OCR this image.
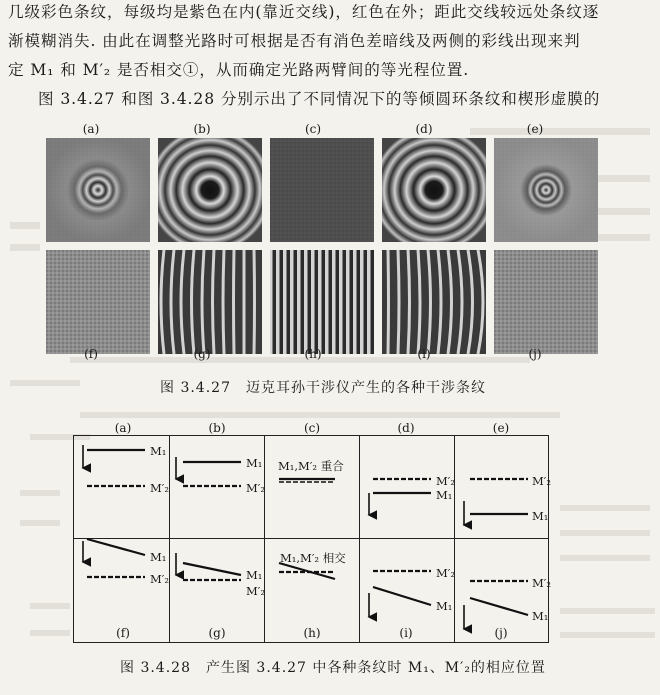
几级彩色条纹，每级均是紫色在内(靠近交线)，红色在外；距此交线较远处条纹逐
渐模糊消失. 由此在调整光路时可根据是否有消色差暗线及两侧的彩线出现来判
定 M₁ 和 M′₂ 是否相交①，从而确定光路两臂间的等光程位置.
图 3.4.27 和图 3.4.28 分别示出了不同情况下的等倾圆环条纹和楔形虚膜的
(a)	(b)	(c)	(d)	(e)
(f)	(g)	(h)	(i)	(j)
图 3.4.27　迈克耳孙干涉仪产生的各种干涉条纹
(a)	(b)	(c)	(d)	(e)
M₁
M′₂
M₁
M′₂
M₁,M′₂ 重合
M′₂
M₁
M′₂
M₁
M₁
M′₂	M₁
M′₂
M₁,M′₂ 相交
M′₂
M₁
M′₂
M₁
(f)	(g)	(h)	(i)	(j)
图 3.4.28　产生图 3.4.27 中各种条纹时 M₁、M′₂的相应位置
